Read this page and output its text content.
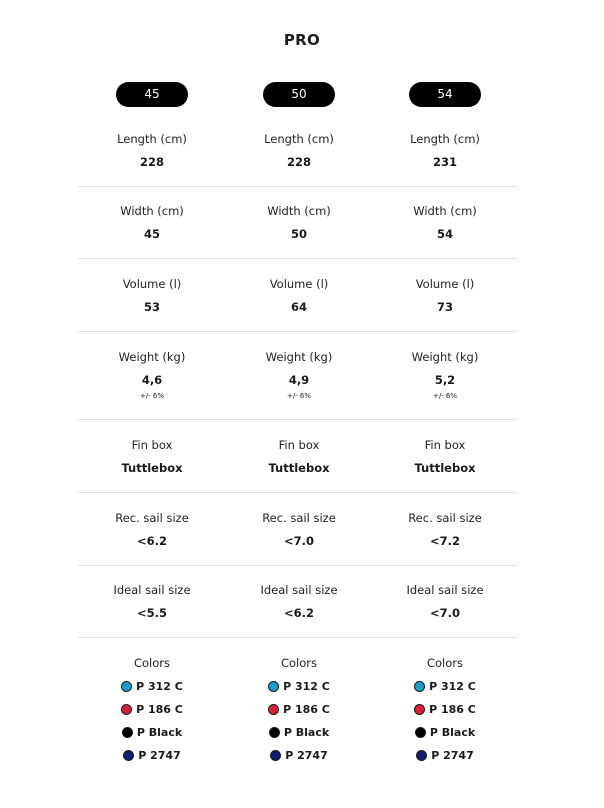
PRO
45	50	54
Length (cm)
228
Length (cm)
228
Length (cm)
231
Width (cm)
45
Width (cm)
50
Width (cm)
54
Volume (l)
53
Volume (l)
64
Volume (l)
73
Weight (kg)
4,6
+/- 6%
Weight (kg)
4,9
+/- 6%
Weight (kg)
5,2
+/- 6%
Fin box
Tuttlebox
Fin box
Tuttlebox
Fin box
Tuttlebox
Rec. sail size
<6.2
Rec. sail size
<7.0
Rec. sail size
<7.2
Ideal sail size
<5.5
Ideal sail size
<6.2
Ideal sail size
<7.0
Colors
P 312 C
P 186 C
P Black
P 2747
Colors
P 312 C
P 186 C
P Black
P 2747
Colors
P 312 C
P 186 C
P Black
P 2747
